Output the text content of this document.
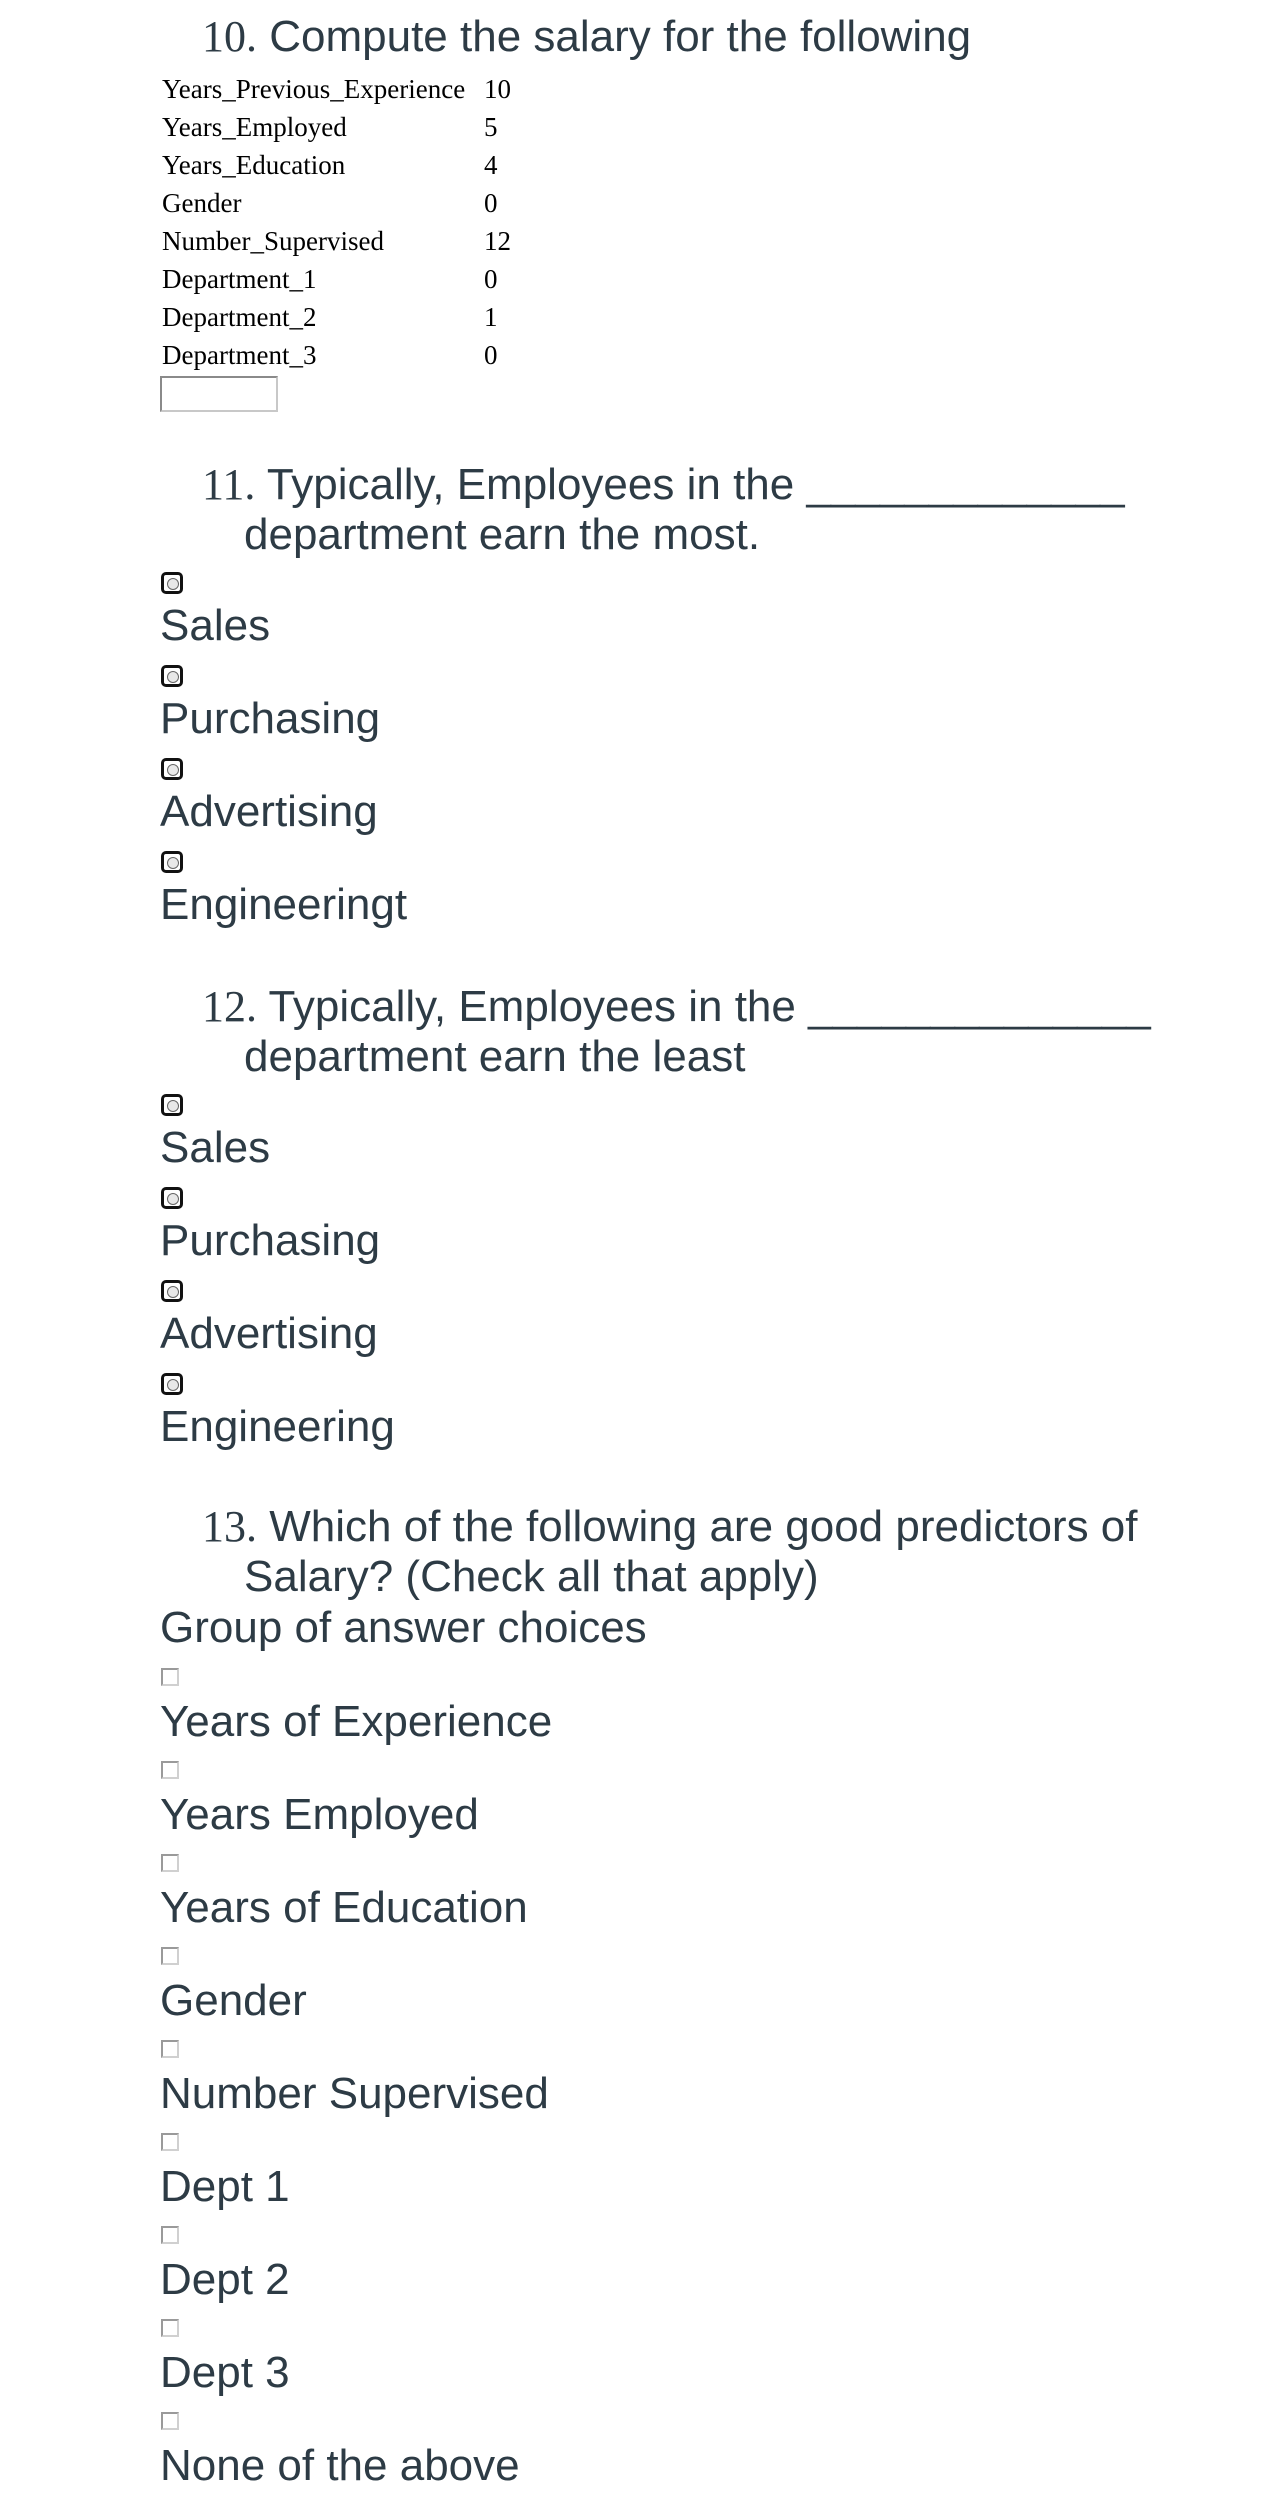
10. Compute the salary for the following
Years_Previous_Experience	10
Years_Employed	5
Years_Education	4
Gender	0
Number_Supervised	12
Department_1	0
Department_2	1
Department_3	0
11. Typically, Employees in the _____________ department earn the most.
Sales
Purchasing
Advertising
Engineeringt
12. Typically, Employees in the ______________ department earn the least
Sales
Purchasing
Advertising
Engineering
13. Which of the following are good predictors of Salary? (Check all that apply)
Group of answer choices
Years of Experience
Years Employed
Years of Education
Gender
Number Supervised
Dept 1
Dept 2
Dept 3
None of the above
